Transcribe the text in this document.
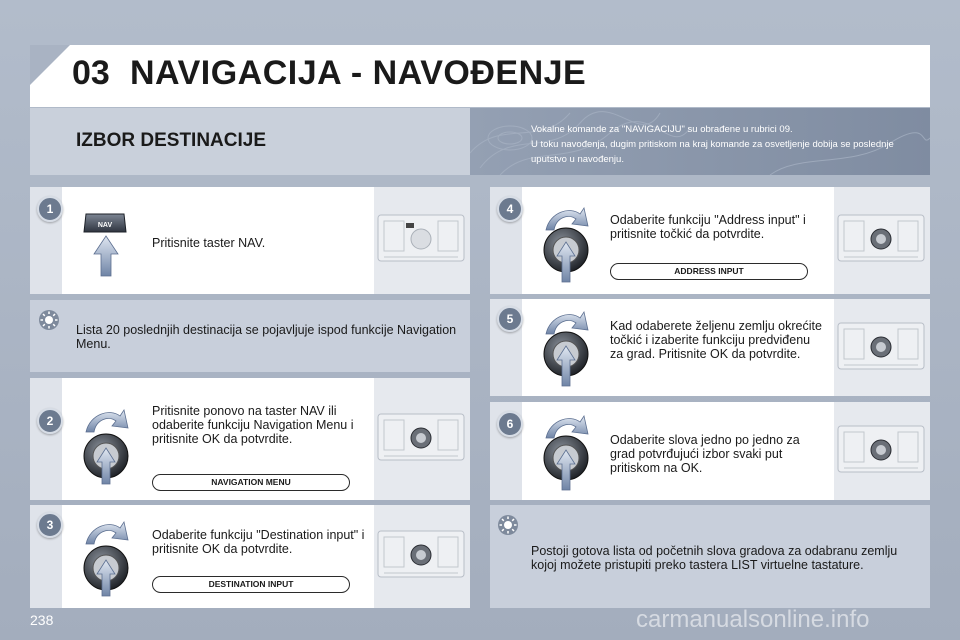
03 NAVIGACIJA - NAVOĐENJE
IZBOR DESTINACIJE
Vokalne komande za "NAVIGACIJU" su obrađene u rubrici 09.
U toku navođenja, dugim pritiskom na kraj komande za osvetljenje dobija se poslednje uputstvo u navođenju.
1
NAV
Pritisnite taster NAV.
Lista 20 poslednjih destinacija se pojavljuje ispod funkcije Navigation Menu.
2
Pritisnite ponovo na taster NAV ili odaberite funkciju Navigation Menu i pritisnite OK da potvrdite.
NAVIGATION MENU
3
Odaberite funkciju "Destination input" i pritisnite OK da potvrdite.
DESTINATION INPUT
4
Odaberite funkciju "Address input" i pritisnite točkić da potvrdite.
ADDRESS INPUT
5	Kad odaberete željenu zemlju okrećite točkić i izaberite funkciju predviđenu za grad. Pritisnite OK da potvrdite.
6
Odaberite slova jedno po jedno za grad potvrđujući izbor svaki put pritiskom na OK.
Postoji gotova lista od početnih slova gradova za odabranu zemlju kojoj možete pristupiti preko tastera LIST virtuelne tastature.
238	carmanualsonline.info
